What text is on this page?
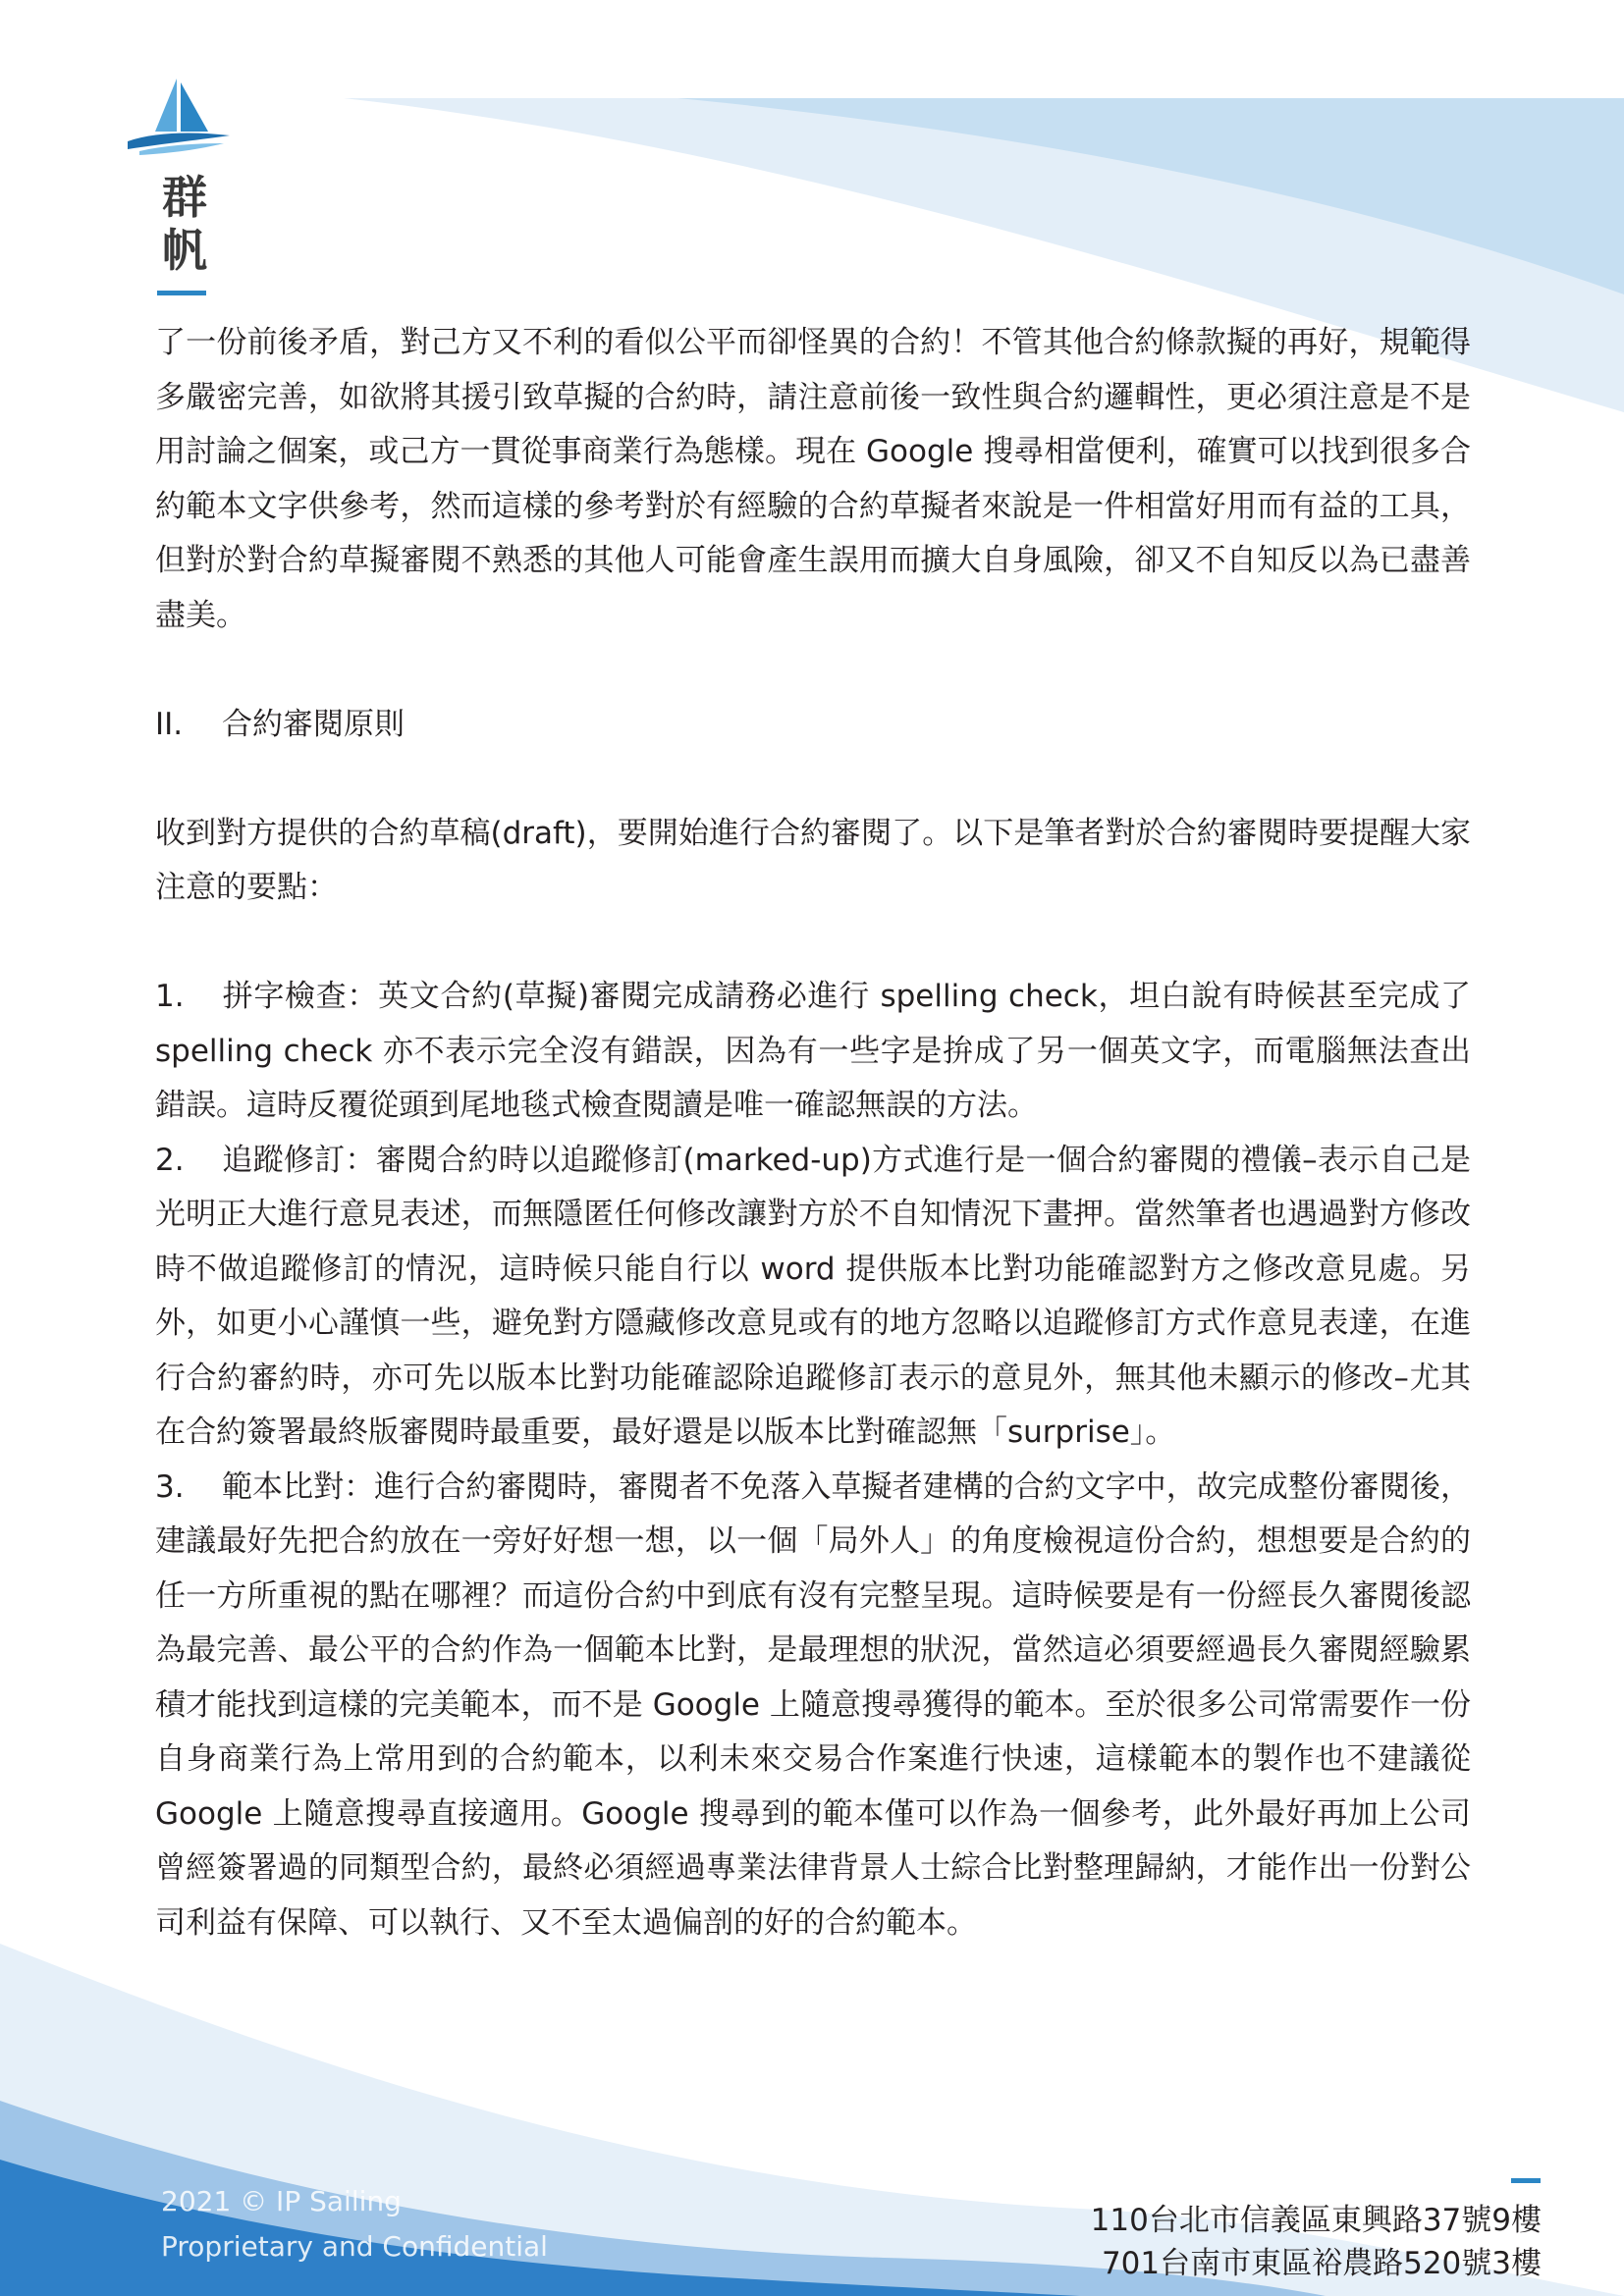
群
帆

了一份前後矛盾，對己方又不利的看似公平而卻怪異的合約！不管其他合約條款擬的再好，規範得多嚴密完善，如欲將其援引致草擬的合約時，請注意前後一致性與合約邏輯性，更必須注意是不是用討論之個案，或己方一貫從事商業行為態樣。現在 Google 搜尋相當便利，確實可以找到很多合約範本文字供參考，然而這樣的參考對於有經驗的合約草擬者來說是一件相當好用而有益的工具，但對於對合約草擬審閱不熟悉的其他人可能會產生誤用而擴大自身風險，卻又不自知反以為已盡善盡美。

II. 合約審閱原則

收到對方提供的合約草稿(draft)，要開始進行合約審閱了。以下是筆者對於合約審閱時要提醒大家注意的要點：

1. 拼字檢查：英文合約(草擬)審閱完成請務必進行 spelling check，坦白說有時候甚至完成了 spelling check 亦不表示完全沒有錯誤，因為有一些字是拚成了另一個英文字，而電腦無法查出錯誤。這時反覆從頭到尾地毯式檢查閱讀是唯一確認無誤的方法。

2. 追蹤修訂：審閱合約時以追蹤修訂(marked-up)方式進行是一個合約審閱的禮儀–表示自己是光明正大進行意見表述，而無隱匿任何修改讓對方於不自知情況下畫押。當然筆者也遇過對方修改時不做追蹤修訂的情況，這時候只能自行以 word 提供版本比對功能確認對方之修改意見處。另外，如更小心謹慎一些，避免對方隱藏修改意見或有的地方忽略以追蹤修訂方式作意見表達，在進行合約審約時，亦可先以版本比對功能確認除追蹤修訂表示的意見外，無其他未顯示的修改–尤其在合約簽署最終版審閱時最重要，最好還是以版本比對確認無「surprise」。

3. 範本比對：進行合約審閱時，審閱者不免落入草擬者建構的合約文字中，故完成整份審閱後，建議最好先把合約放在一旁好好想一想，以一個「局外人」的角度檢視這份合約，想想要是合約的任一方所重視的點在哪裡？而這份合約中到底有沒有完整呈現。這時候要是有一份經長久審閱後認為最完善、最公平的合約作為一個範本比對，是最理想的狀況，當然這必須要經過長久審閱經驗累積才能找到這樣的完美範本，而不是 Google 上隨意搜尋獲得的範本。至於很多公司常需要作一份自身商業行為上常用到的合約範本，以利未來交易合作案進行快速，這樣範本的製作也不建議從 Google 上隨意搜尋直接適用。Google 搜尋到的範本僅可以作為一個參考，此外最好再加上公司曾經簽署過的同類型合約，最終必須經過專業法律背景人士綜合比對整理歸納，才能作出一份對公司利益有保障、可以執行、又不至太過偏剖的好的合約範本。

2021 © IP Sailing
Proprietary and Confidential
110台北市信義區東興路37號9樓
701台南市東區裕農路520號3樓
